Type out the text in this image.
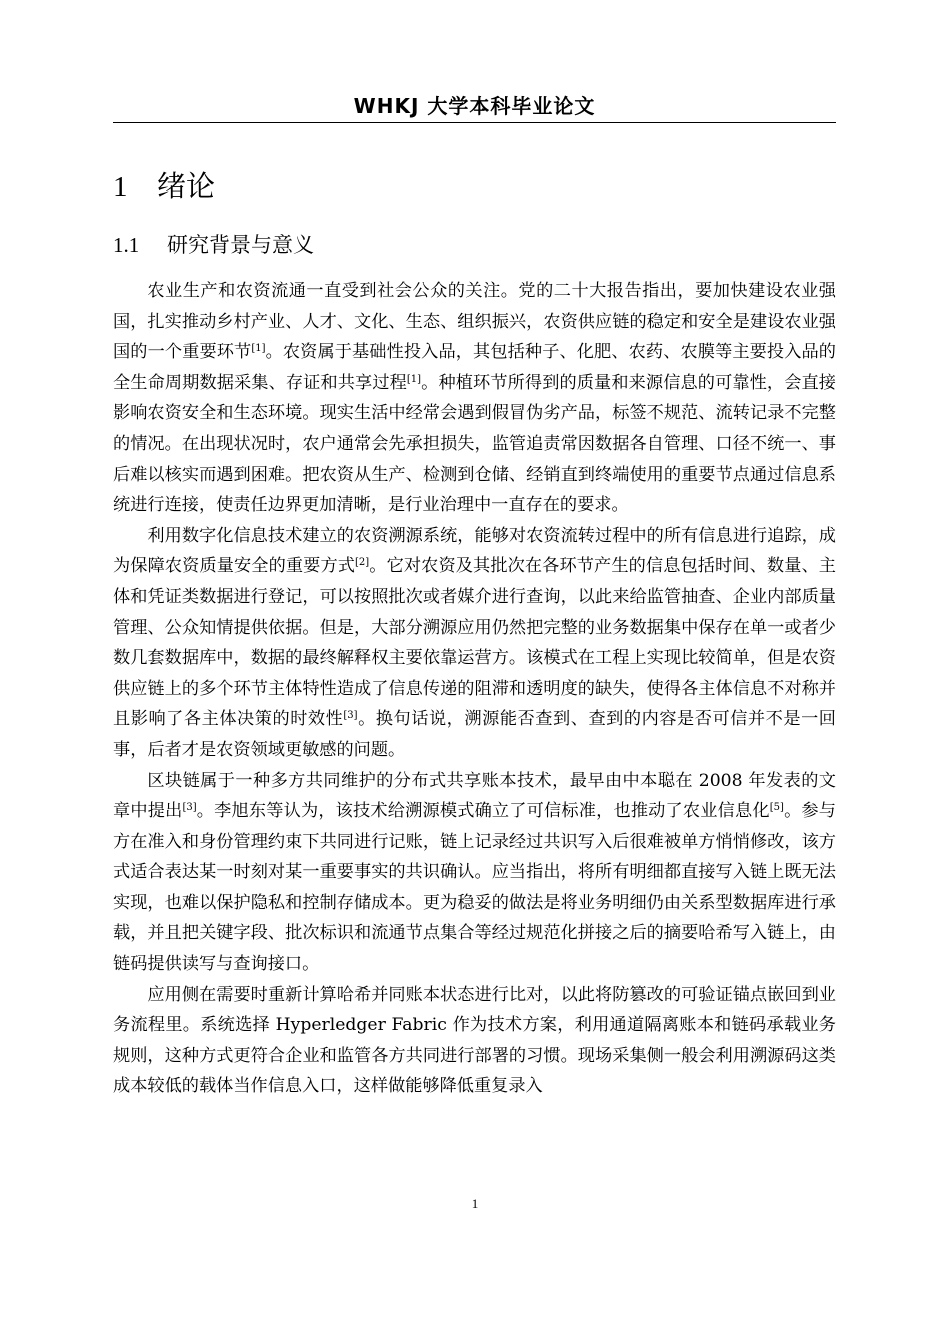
WHKJ 大学本科毕业论文
1 绪论
1.1 研究背景与意义

农业生产和农资流通一直受到社会公众的关注。党的二十大报告指出，要加快建设农业强国，扎实推动乡村产业、人才、文化、生态、组织振兴，农资供应链的稳定和安全是建设农业强国的一个重要环节[1]。农资属于基础性投入品，其包括种子、化肥、农药、农膜等主要投入品的全生命周期数据采集、存证和共享过程[1]。种植环节所得到的质量和来源信息的可靠性，会直接影响农资安全和生态环境。现实生活中经常会遇到假冒伪劣产品，标签不规范、流转记录不完整的情况。在出现状况时，农户通常会先承担损失，监管追责常因数据各自管理、口径不统一、事后难以核实而遇到困难。把农资从生产、检测到仓储、经销直到终端使用的重要节点通过信息系统进行连接，使责任边界更加清晰，是行业治理中一直存在的要求。

利用数字化信息技术建立的农资溯源系统，能够对农资流转过程中的所有信息进行追踪，成为保障农资质量安全的重要方式[2]。它对农资及其批次在各环节产生的信息包括时间、数量、主体和凭证类数据进行登记，可以按照批次或者媒介进行查询，以此来给监管抽查、企业内部质量管理、公众知情提供依据。但是，大部分溯源应用仍然把完整的业务数据集中保存在单一或者少数几套数据库中，数据的最终解释权主要依靠运营方。该模式在工程上实现比较简单，但是农资供应链上的多个环节主体特性造成了信息传递的阻滞和透明度的缺失，使得各主体信息不对称并且影响了各主体决策的时效性[3]。换句话说，溯源能否查到、查到的内容是否可信并不是一回事，后者才是农资领域更敏感的问题。

区块链属于一种多方共同维护的分布式共享账本技术，最早由中本聪在 2008 年发表的文章中提出[3]。李旭东等认为，该技术给溯源模式确立了可信标准，也推动了农业信息化[5]。参与方在准入和身份管理约束下共同进行记账，链上记录经过共识写入后很难被单方悄悄修改，该方式适合表达某一时刻对某一重要事实的共识确认。应当指出，将所有明细都直接写入链上既无法实现，也难以保护隐私和控制存储成本。更为稳妥的做法是将业务明细仍由关系型数据库进行承载，并且把关键字段、批次标识和流通节点集合等经过规范化拼接之后的摘要哈希写入链上，由链码提供读写与查询接口。

应用侧在需要时重新计算哈希并同账本状态进行比对，以此将防篡改的可验证锚点嵌回到业务流程里。系统选择 Hyperledger Fabric 作为技术方案，利用通道隔离账本和链码承载业务规则，这种方式更符合企业和监管各方共同进行部署的习惯。现场采集侧一般会利用溯源码这类成本较低的载体当作信息入口，这样做能够降低重复录入

1
